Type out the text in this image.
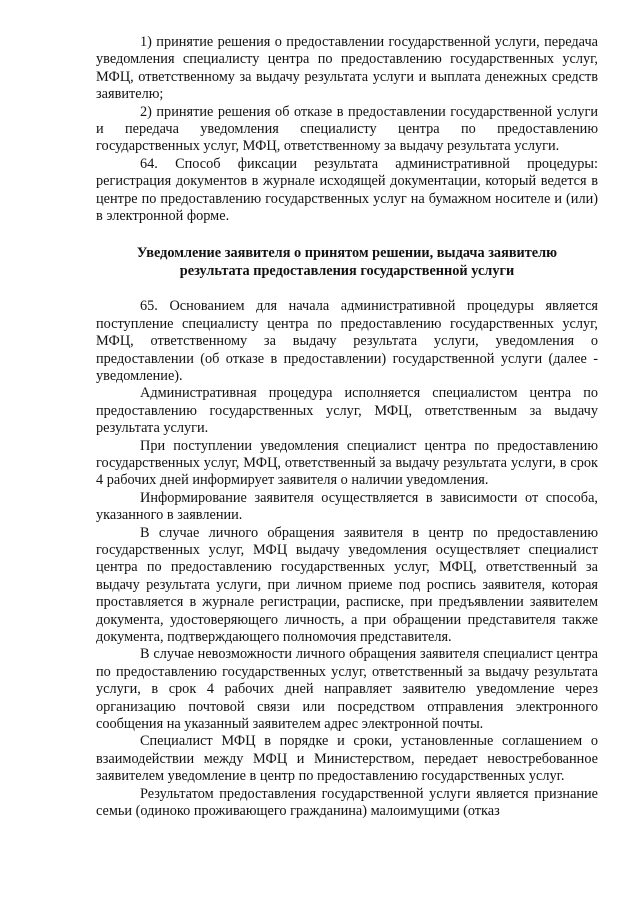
1) принятие решения о предоставлении государственной услуги, передача уведомления специалисту центра по предоставлению государственных услуг, МФЦ, ответственному за выдачу результата услуги и выплата денежных средств заявителю;

2) принятие решения об отказе в предоставлении государственной услуги и передача уведомления специалисту центра по предоставлению государственных услуг, МФЦ, ответственному за выдачу результата услуги.

64. Способ фиксации результата административной процедуры: регистрация документов в журнале исходящей документации, который ведется в центре по предоставлению государственных услуг на бумажном носителе и (или) в электронной форме.

Уведомление заявителя о принятом решении, выдача заявителю
результата предоставления государственной услуги

65. Основанием для начала административной процедуры является поступление специалисту центра по предоставлению государственных услуг, МФЦ, ответственному за выдачу результата услуги, уведомления о предоставлении (об отказе в предоставлении) государственной услуги (далее - уведомление).

Административная процедура исполняется специалистом центра по предоставлению государственных услуг, МФЦ, ответственным за выдачу результата услуги.

При поступлении уведомления специалист центра по предоставлению государственных услуг, МФЦ, ответственный за выдачу результата услуги, в срок 4 рабочих дней информирует заявителя о наличии уведомления.

Информирование заявителя осуществляется в зависимости от способа, указанного в заявлении.

В случае личного обращения заявителя в центр по предоставлению государственных услуг, МФЦ выдачу уведомления осуществляет специалист центра по предоставлению государственных услуг, МФЦ, ответственный за выдачу результата услуги, при личном приеме под роспись заявителя, которая проставляется в журнале регистрации, расписке, при предъявлении заявителем документа, удостоверяющего личность, а при обращении представителя также документа, подтверждающего полномочия представителя.

В случае невозможности личного обращения заявителя специалист центра по предоставлению государственных услуг, ответственный за выдачу результата услуги, в срок 4 рабочих дней направляет заявителю уведомление через организацию почтовой связи или посредством отправления электронного сообщения на указанный заявителем адрес электронной почты.

Специалист МФЦ в порядке и сроки, установленные соглашением о взаимодействии между МФЦ и Министерством, передает невостребованное заявителем уведомление в центр по предоставлению государственных услуг.

Результатом предоставления государственной услуги является признание семьи (одиноко проживающего гражданина) малоимущими (отказ
